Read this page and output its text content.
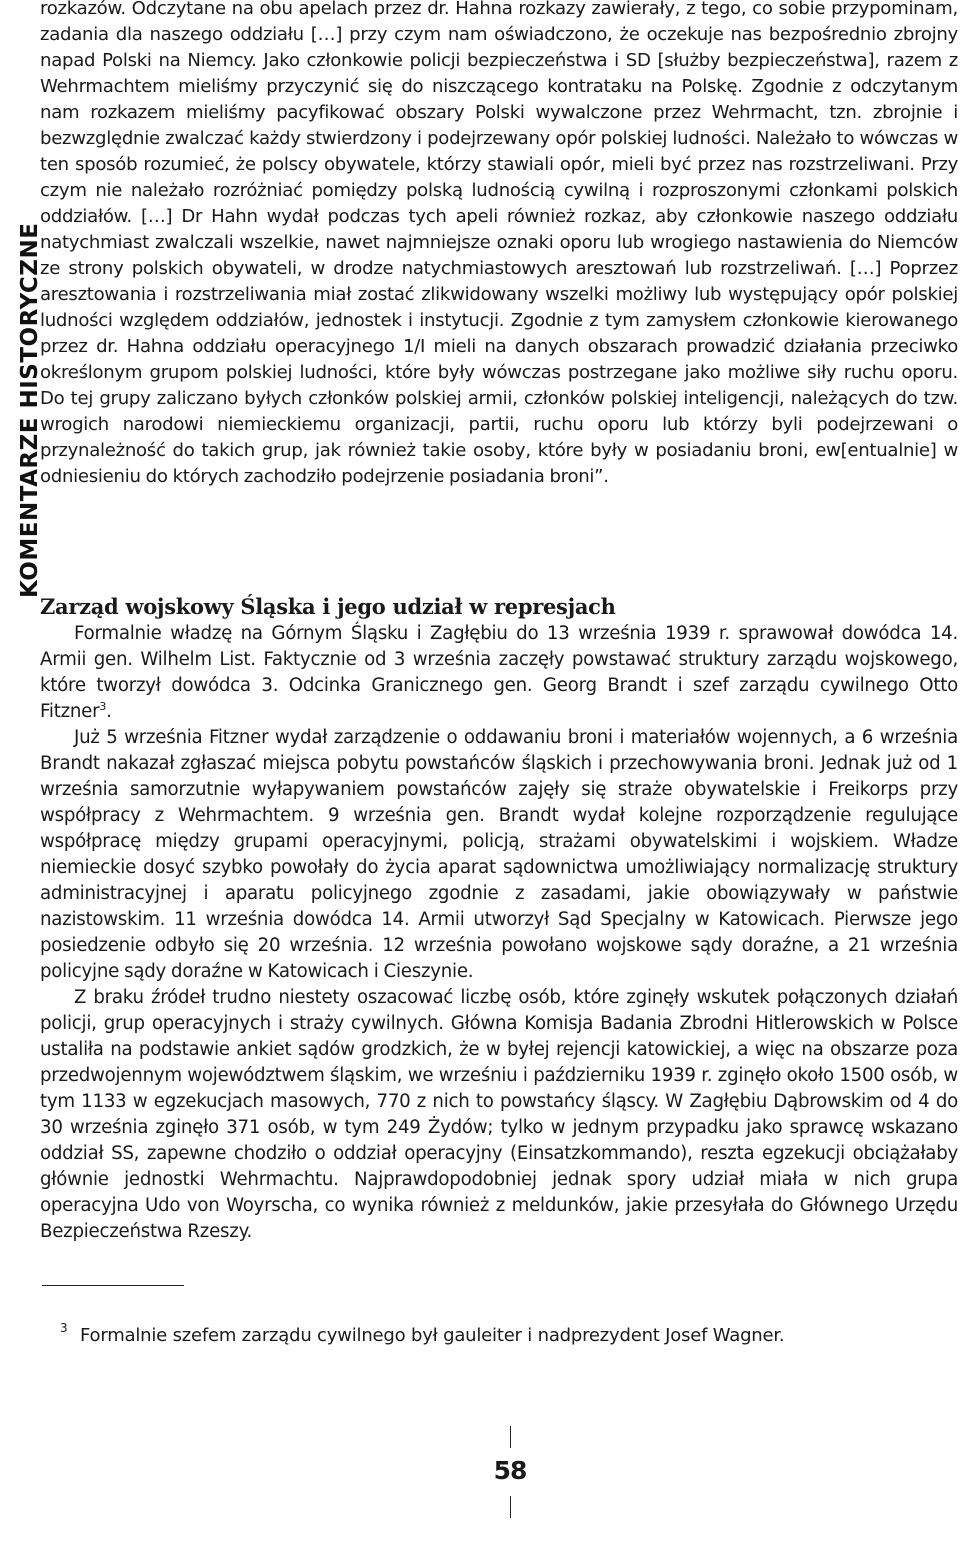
KOMENTARZE HISTORYCZNE

rozkazów. Odczytane na obu apelach przez dr. Hahna rozkazy zawierały, z tego, co sobie przypominam, zadania dla naszego oddziału […] przy czym nam oświadczono, że oczekuje nas bezpośrednio zbrojny napad Polski na Niemcy. Jako członkowie policji bezpieczeństwa i SD [służby bezpieczeństwa], razem z Wehrmachtem mieliśmy przyczynić się do niszczącego kontrataku na Polskę. Zgodnie z odczytanym nam rozkazem mieliśmy pacyfikować obszary Polski wywalczone przez Wehrmacht, tzn. zbrojnie i bezwzględnie zwalczać każdy stwierdzony i podejrzewany opór polskiej ludności. Należało to wówczas w ten sposób rozumieć, że polscy obywatele, którzy stawiali opór, mieli być przez nas rozstrzeliwani. Przy czym nie należało rozróżniać pomiędzy polską ludnością cywilną i rozproszonymi członkami polskich oddziałów. […] Dr Hahn wydał podczas tych apeli również rozkaz, aby członkowie naszego oddziału natychmiast zwalczali wszelkie, nawet najmniejsze oznaki oporu lub wrogiego nastawienia do Niemców ze strony polskich obywateli, w drodze natychmiastowych aresztowań lub rozstrzeliwań. […] Poprzez aresztowania i rozstrzeliwania miał zostać zlikwidowany wszelki możliwy lub występujący opór polskiej ludności względem oddziałów, jednostek i instytucji. Zgodnie z tym zamysłem członkowie kierowanego przez dr. Hahna oddziału operacyjnego 1/I mieli na danych obszarach prowadzić działania przeciwko określonym grupom polskiej ludności, które były wówczas postrzegane jako możliwe siły ruchu oporu. Do tej grupy zaliczano byłych członków polskiej armii, członków polskiej inteligencji, należących do tzw. wrogich narodowi niemieckiemu organizacji, partii, ruchu oporu lub którzy byli podejrzewani o przynależność do takich grup, jak również takie osoby, które były w posiadaniu broni, ew[entualnie] w odniesieniu do których zachodziło podejrzenie posiadania broni”.

Zarząd wojskowy Śląska i jego udział w represjach

Formalnie władzę na Górnym Śląsku i Zagłębiu do 13 września 1939 r. sprawował dowódca 14. Armii gen. Wilhelm List. Faktycznie od 3 września zaczęły powstawać struktury zarządu wojskowego, które tworzył dowódca 3. Odcinka Granicznego gen. Georg Brandt i szef zarządu cywilnego Otto Fitzner$^3$.

Już 5 września Fitzner wydał zarządzenie o oddawaniu broni i materiałów wojennych, a 6 września Brandt nakazał zgłaszać miejsca pobytu powstańców śląskich i przechowywania broni. Jednak już od 1 września samorzutnie wyłapywaniem powstańców zajęły się straże obywatelskie i Freikorps przy współpracy z Wehrmachtem. 9 września gen. Brandt wydał kolejne rozporządzenie regulujące współpracę między grupami operacyjnymi, policją, strażami obywatelskimi i wojskiem. Władze niemieckie dosyć szybko powołały do życia aparat sądownictwa umożliwiający normalizację struktury administracyjnej i aparatu policyjnego zgodnie z zasadami, jakie obowiązywały w państwie nazistowskim. 11 września dowódca 14. Armii utworzył Sąd Specjalny w Katowicach. Pierwsze jego posiedzenie odbyło się 20 września. 12 września powołano wojskowe sądy doraźne, a 21 września policyjne sądy doraźne w Katowicach i Cieszynie.

Z braku źródeł trudno niestety oszacować liczbę osób, które zginęły wskutek połączonych działań policji, grup operacyjnych i straży cywilnych. Główna Komisja Badania Zbrodni Hitlerowskich w Polsce ustaliła na podstawie ankiet sądów grodzkich, że w byłej rejencji katowickiej, a więc na obszarze poza przedwojennym województwem śląskim, we wrześniu i październiku 1939 r. zginęło około 1500 osób, w tym 1133 w egzekucjach masowych, 770 z nich to powstańcy śląscy. W Zagłębiu Dąbrowskim od 4 do 30 września zginęło 371 osób, w tym 249 Żydów; tylko w jednym przypadku jako sprawcę wskazano oddział SS, zapewne chodziło o oddział operacyjny (Einsatzkommando), reszta egzekucji obciążałaby głównie jednostki Wehrmachtu. Najprawdopodobniej jednak spory udział miała w nich grupa operacyjna Udo von Woyrscha, co wynika również z meldunków, jakie przesyłała do Głównego Urzędu Bezpieczeństwa Rzeszy.

3 Formalnie szefem zarządu cywilnego był gauleiter i nadprezydent Josef Wagner.
58
